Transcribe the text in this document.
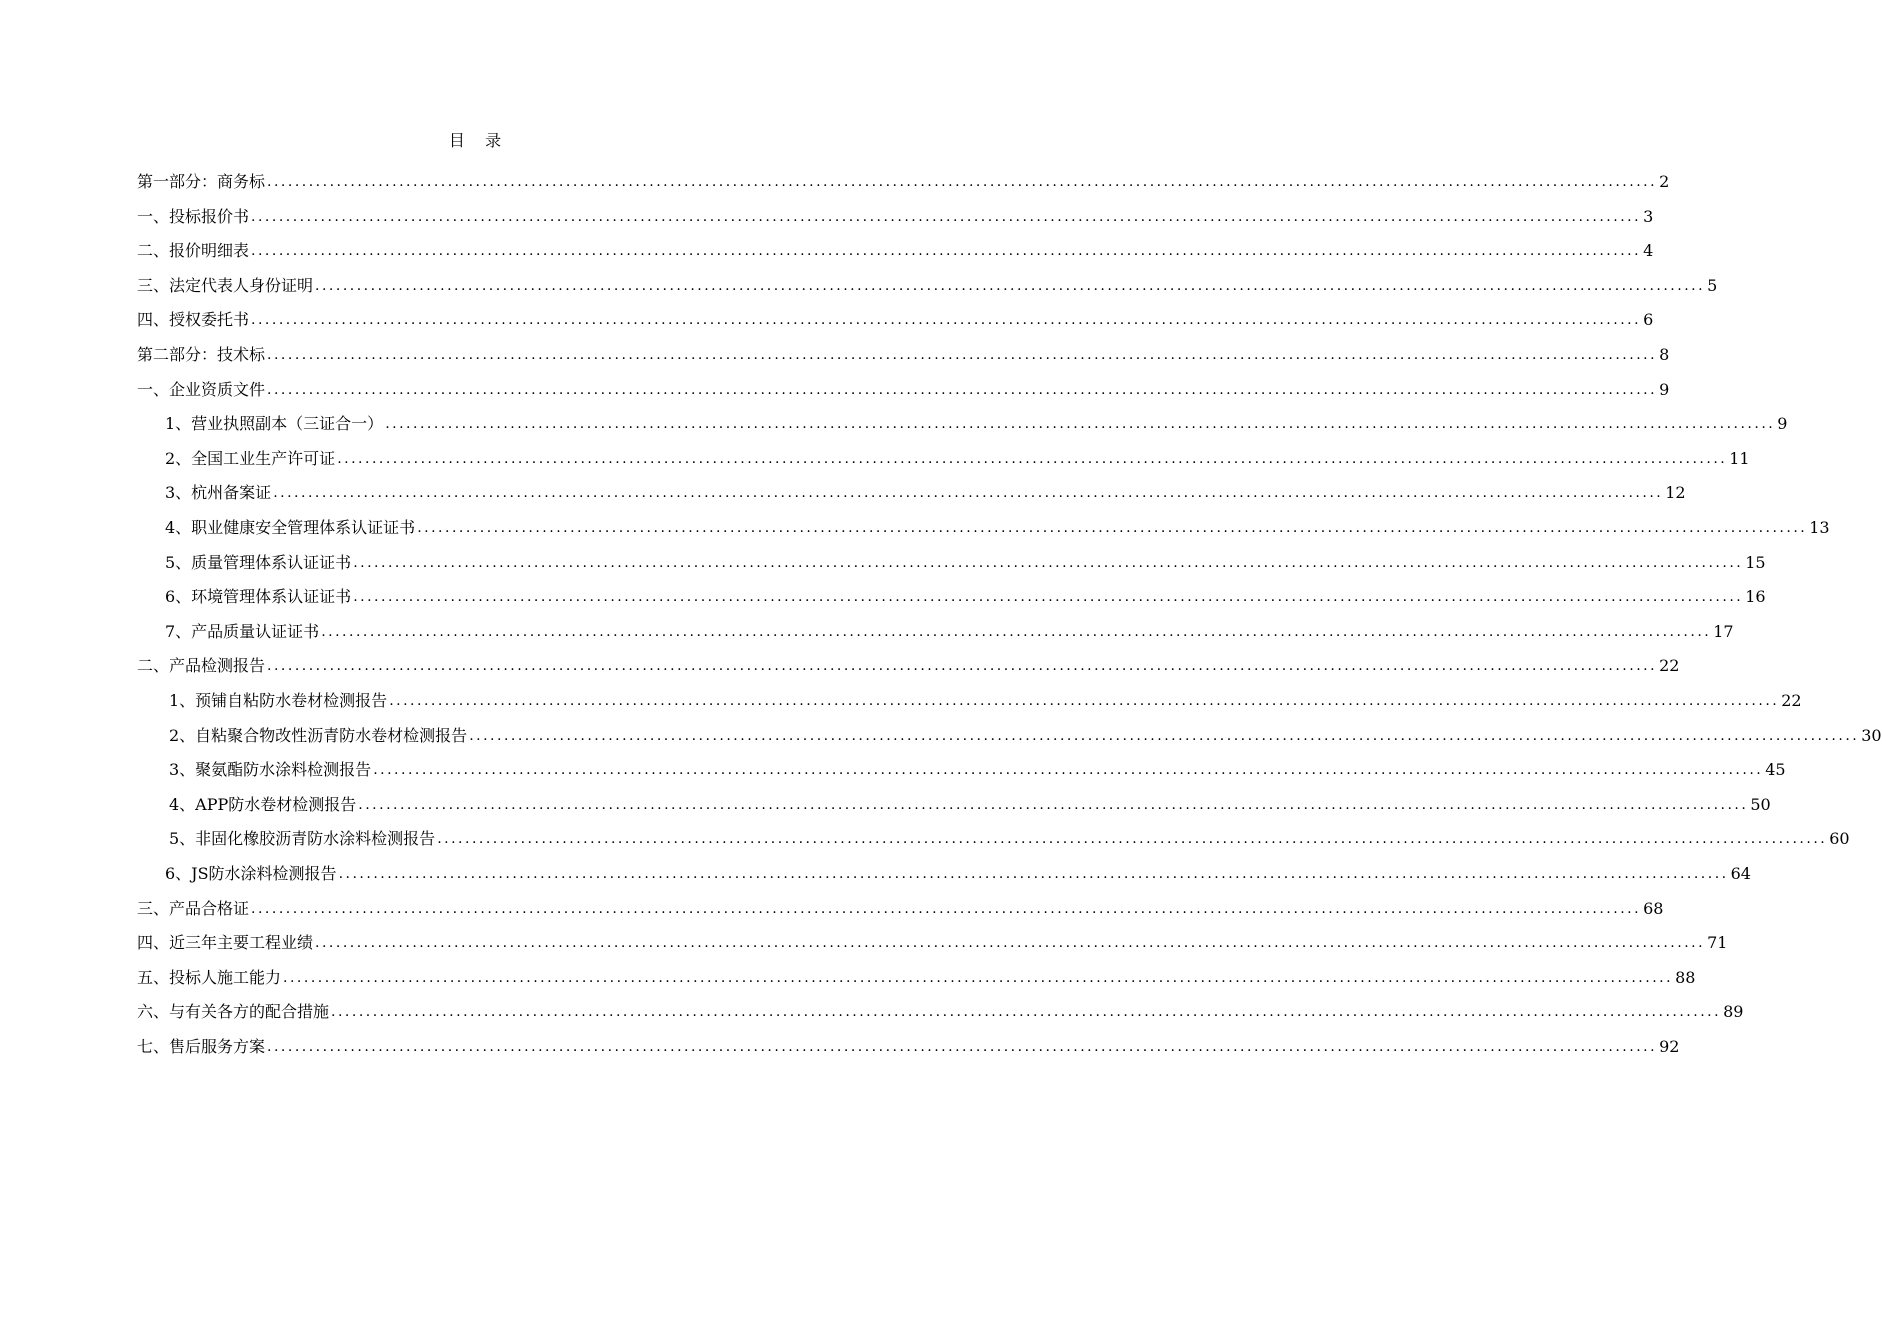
目    录
第一部分：商务标 ........................................................................................................................................................................................................ 2
一、投标报价书 ........................................................................................................................................................................................................ 3
二、报价明细表 ........................................................................................................................................................................................................ 4
三、法定代表人身份证明 ........................................................................................................................................................................................................ 5
四、授权委托书 ........................................................................................................................................................................................................ 6
第二部分：技术标 ........................................................................................................................................................................................................ 8
一、企业资质文件 ........................................................................................................................................................................................................ 9
1、营业执照副本（三证合一） ........................................................................................................................................................................................................ 9
2、全国工业生产许可证 ........................................................................................................................................................................................................ 11
3、杭州备案证 ........................................................................................................................................................................................................ 12
4、职业健康安全管理体系认证证书 ........................................................................................................................................................................................................ 13
5、质量管理体系认证证书 ........................................................................................................................................................................................................ 15
6、环境管理体系认证证书 ........................................................................................................................................................................................................ 16
7、产品质量认证证书 ........................................................................................................................................................................................................ 17
二、产品检测报告 ........................................................................................................................................................................................................ 22
1、预铺自粘防水卷材检测报告 ........................................................................................................................................................................................................ 22
2、自粘聚合物改性沥青防水卷材检测报告 ........................................................................................................................................................................................................ 30
3、聚氨酯防水涂料检测报告 ........................................................................................................................................................................................................ 45
4、APP防水卷材检测报告 ........................................................................................................................................................................................................ 50
5、非固化橡胶沥青防水涂料检测报告 ........................................................................................................................................................................................................ 60
6、JS防水涂料检测报告 ........................................................................................................................................................................................................ 64
三、产品合格证 ........................................................................................................................................................................................................ 68
四、近三年主要工程业绩 ........................................................................................................................................................................................................ 71
五、投标人施工能力 ........................................................................................................................................................................................................ 88
六、与有关各方的配合措施 ........................................................................................................................................................................................................ 89
七、售后服务方案 ........................................................................................................................................................................................................ 92
